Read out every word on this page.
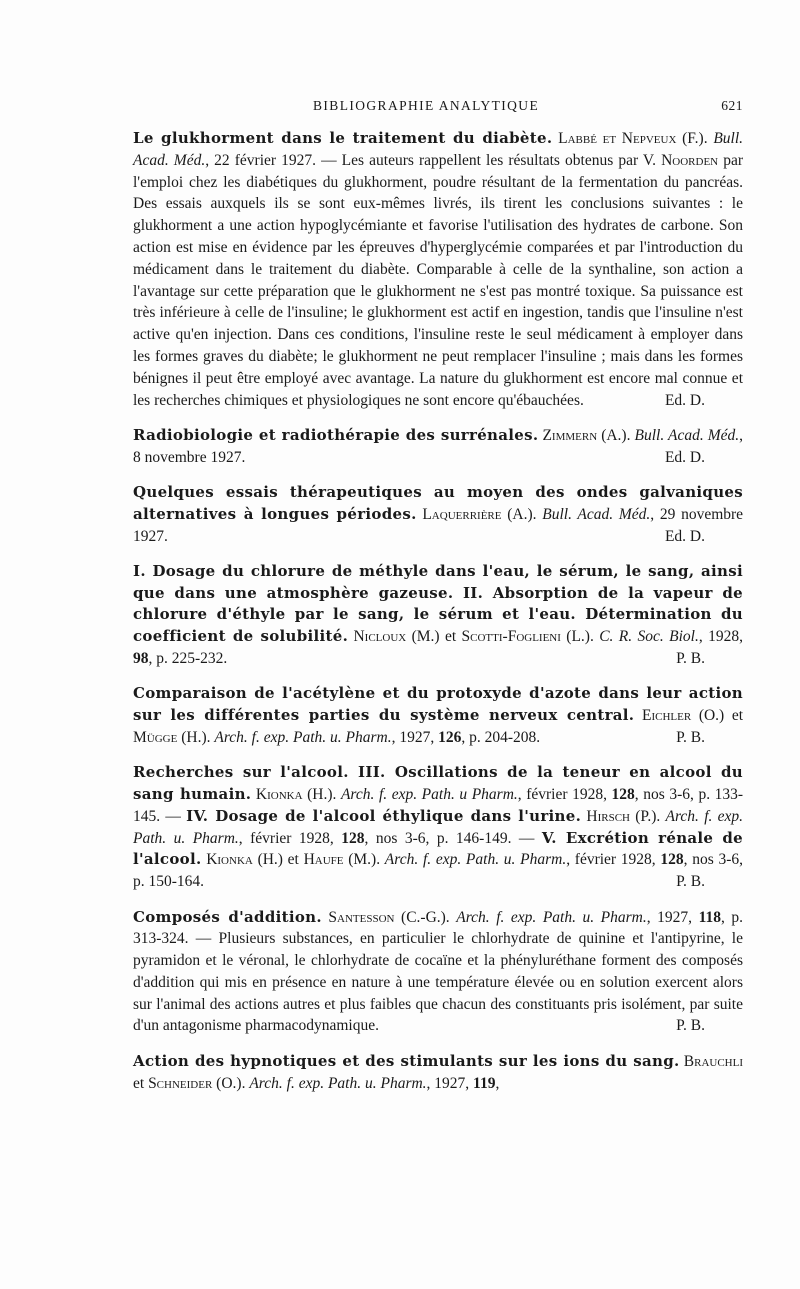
BIBLIOGRAPHIE ANALYTIQUE	621

Le glukhorment dans le traitement du diabète. Labbé et Nepveux (F.). Bull. Acad. Méd., 22 février 1927. — Les auteurs rappellent les résultats obtenus par V. Noorden par l'emploi chez les diabétiques du glukhorment, poudre résultant de la fermentation du pancréas. Des essais auxquels ils se sont eux-mêmes livrés, ils tirent les conclusions suivantes : le glukhorment a une action hypoglycémiante et favorise l'utilisation des hydrates de carbone. Son action est mise en évidence par les épreuves d'hyperglycémie comparées et par l'introduction du médicament dans le traitement du diabète. Comparable à celle de la synthaline, son action a l'avantage sur cette préparation que le glukhorment ne s'est pas montré toxique. Sa puissance est très inférieure à celle de l'insuline; le glukhorment est actif en ingestion, tandis que l'insuline n'est active qu'en injection. Dans ces conditions, l'insuline reste le seul médicament à employer dans les formes graves du diabète; le glukhorment ne peut remplacer l'insuline ; mais dans les formes bénignes il peut être employé avec avantage. La nature du glukhorment est encore mal connue et les recherches chimiques et physiologiques ne sont encore qu'ébauchées.	Ed. D.

Radiobiologie et radiothérapie des surrénales. Zimmern (A.). Bull. Acad. Méd., 8 novembre 1927.	Ed. D.

Quelques essais thérapeutiques au moyen des ondes galvaniques alternatives à longues périodes. Laquerrière (A.). Bull. Acad. Méd., 29 novembre 1927.	Ed. D.

I. Dosage du chlorure de méthyle dans l'eau, le sérum, le sang, ainsi que dans une atmosphère gazeuse. II. Absorption de la vapeur de chlorure d'éthyle par le sang, le sérum et l'eau. Détermination du coefficient de solubilité. Nicloux (M.) et Scotti-Foglieni (L.). C. R. Soc. Biol., 1928, 98, p. 225-232.	P. B.

Comparaison de l'acétylène et du protoxyde d'azote dans leur action sur les différentes parties du système nerveux central. Eichler (O.) et Mügge (H.). Arch. f. exp. Path. u. Pharm., 1927, 126, p. 204-208.	P. B.

Recherches sur l'alcool. III. Oscillations de la teneur en alcool du sang humain. Kionka (H.). Arch. f. exp. Path. u Pharm., février 1928, 128, nos 3-6, p. 133-145. — IV. Dosage de l'alcool éthylique dans l'urine. Hirsch (P.). Arch. f. exp. Path. u. Pharm., février 1928, 128, nos 3-6, p. 146-149. — V. Excrétion rénale de l'alcool. Kionka (H.) et Haufe (M.). Arch. f. exp. Path. u. Pharm., février 1928, 128, nos 3-6, p. 150-164.	P. B.

Composés d'addition. Santesson (C.-G.). Arch. f. exp. Path. u. Pharm., 1927, 118, p. 313-324. — Plusieurs substances, en particulier le chlorhydrate de quinine et l'antipyrine, le pyramidon et le véronal, le chlorhydrate de cocaïne et la phényluréthane forment des composés d'addition qui mis en présence en nature à une température élevée ou en solution exercent alors sur l'animal des actions autres et plus faibles que chacun des constituants pris isolément, par suite d'un antagonisme pharmacodynamique.	P. B.

Action des hypnotiques et des stimulants sur les ions du sang. Brauchli et Schneider (O.). Arch. f. exp. Path. u. Pharm., 1927, 119,
